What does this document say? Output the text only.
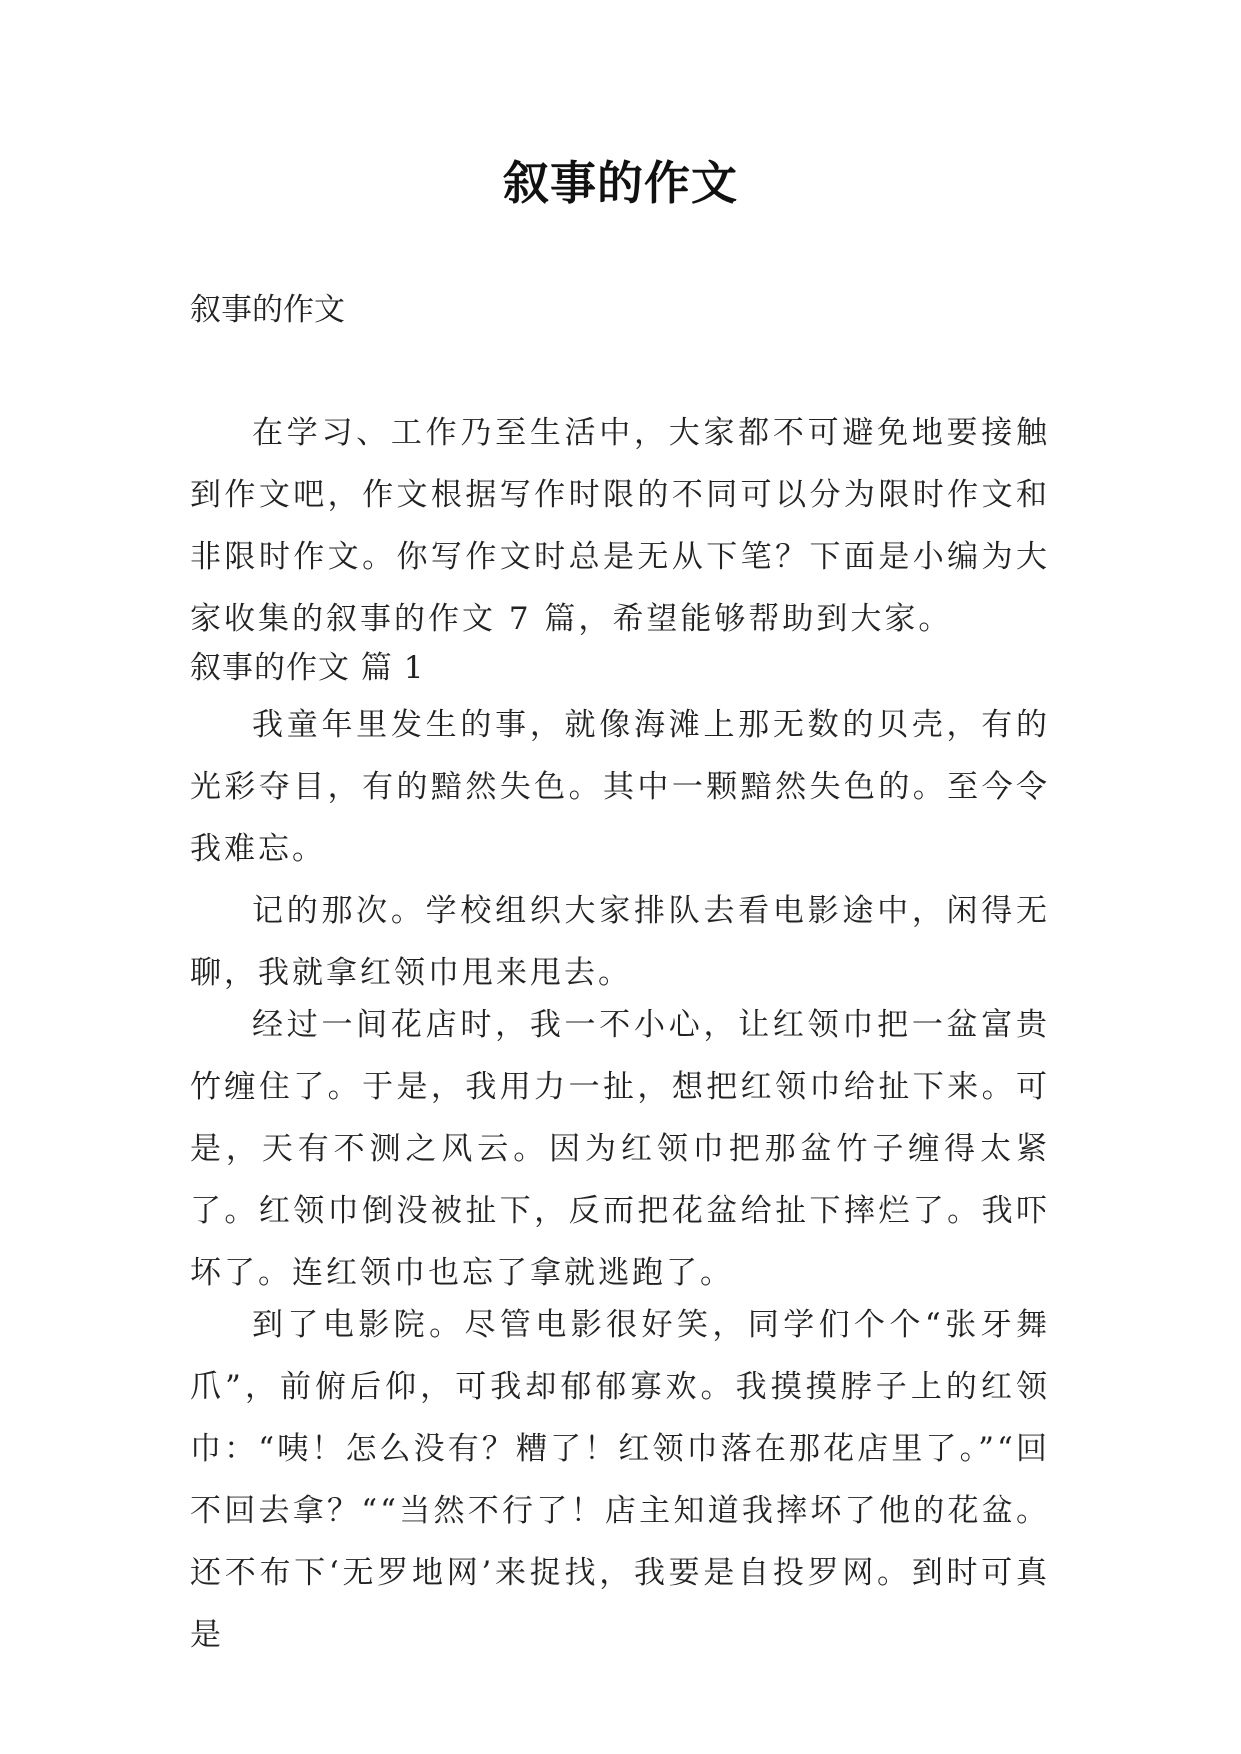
叙事的作文
叙事的作文

在学习、工作乃至生活中，大家都不可避免地要接触到作文吧，作文根据写作时限的不同可以分为限时作文和非限时作文。你写作文时总是无从下笔？下面是小编为大家收集的叙事的作文 7 篇，希望能够帮助到大家。

叙事的作文 篇 1

我童年里发生的事，就像海滩上那无数的贝壳，有的光彩夺目，有的黯然失色。其中一颗黯然失色的。至今令我难忘。

记的那次。学校组织大家排队去看电影途中，闲得无聊，我就拿红领巾甩来甩去。

经过一间花店时，我一不小心，让红领巾把一盆富贵竹缠住了。于是，我用力一扯，想把红领巾给扯下来。可是，天有不测之风云。因为红领巾把那盆竹子缠得太紧了。红领巾倒没被扯下，反而把花盆给扯下摔烂了。我吓坏了。连红领巾也忘了拿就逃跑了。

到了电影院。尽管电影很好笑，同学们个个“张牙舞爪”，前俯后仰，可我却郁郁寡欢。我摸摸脖子上的红领巾：“咦！怎么没有？糟了！红领巾落在那花店里了。”“回不回去拿？““当然不行了！店主知道我摔坏了他的花盆。还不布下‘无罗地网’来捉找，我要是自投罗网。到时可真是
